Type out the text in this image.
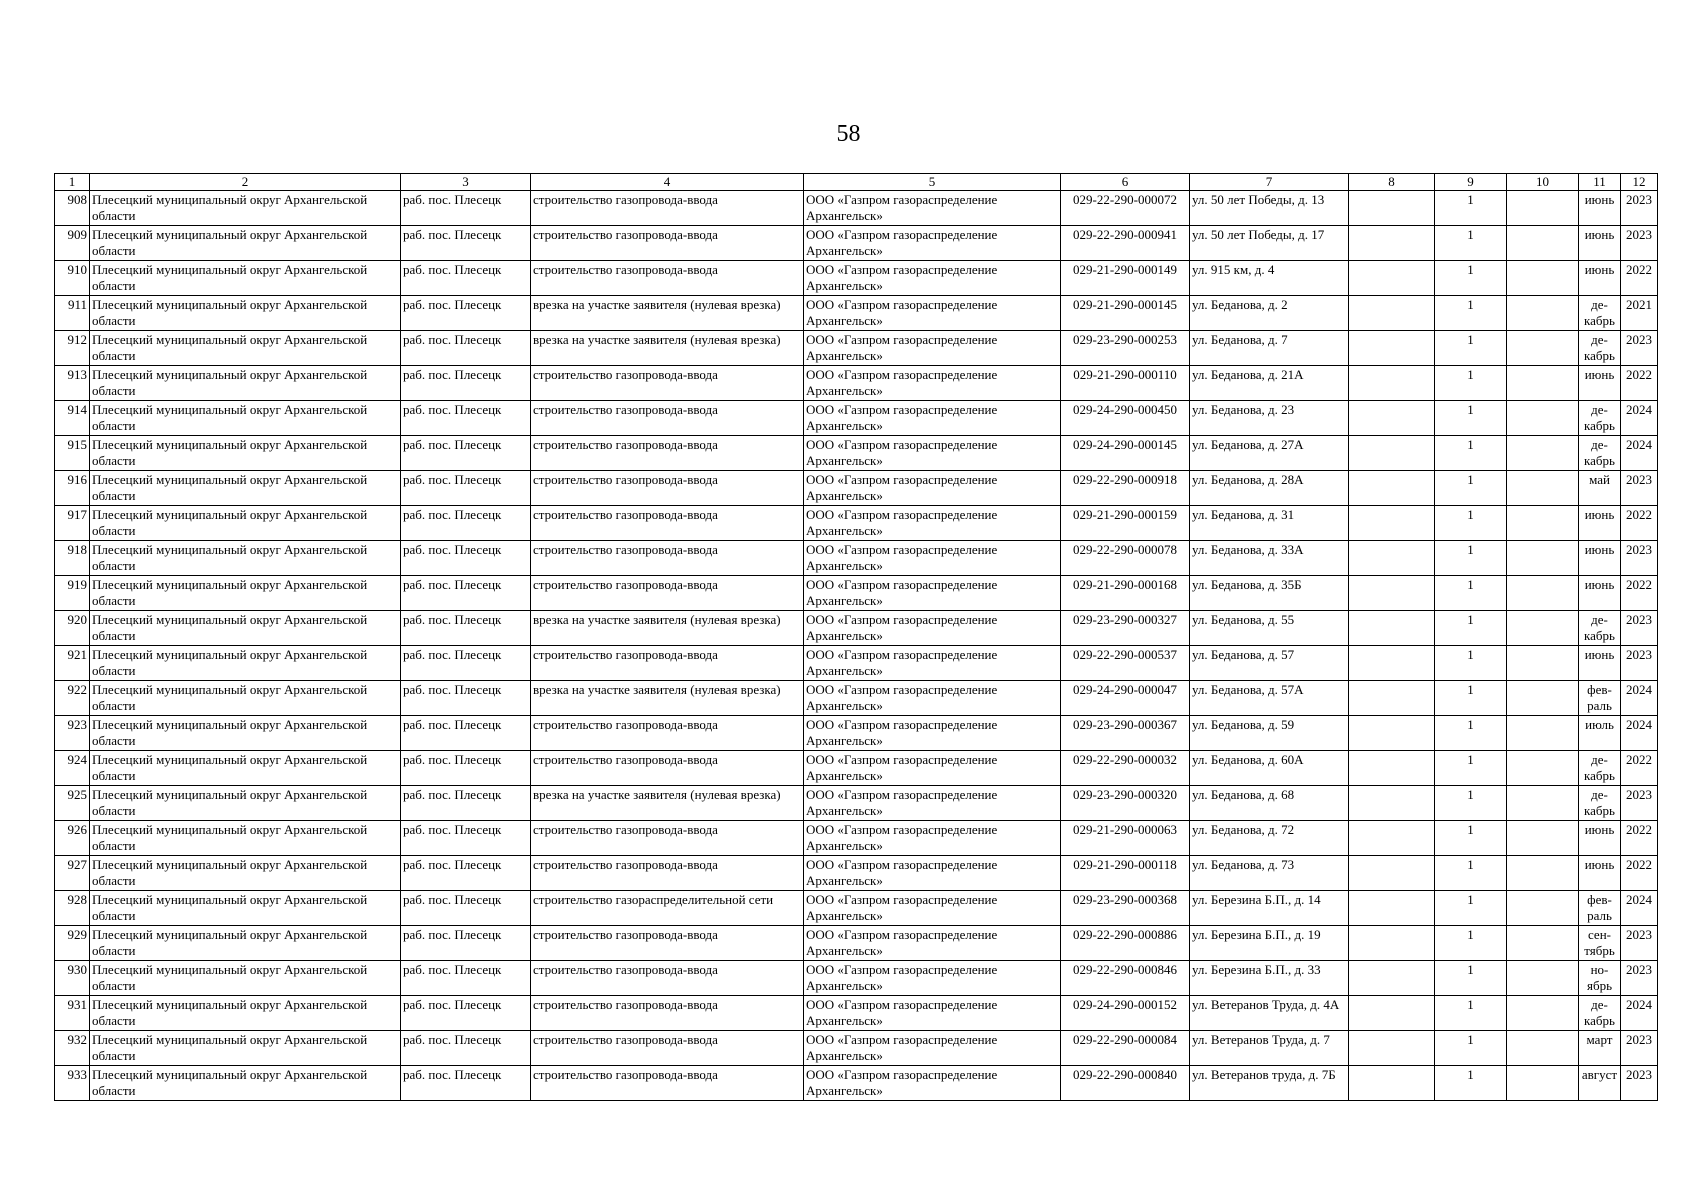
58
1	2	3	4	5	6	7	8	9	10	11	12
908	Плесецкий муниципальный округ Архангельской области	раб. пос. Плесецк	строительство газопровода-ввода	ООО «Газпром газораспределение Архангельск»	029-22-290-000072	ул. 50 лет Победы, д. 13		1		июнь	2023
909	Плесецкий муниципальный округ Архангельской области	раб. пос. Плесецк	строительство газопровода-ввода	ООО «Газпром газораспределение Архангельск»	029-22-290-000941	ул. 50 лет Победы, д. 17		1		июнь	2023
910	Плесецкий муниципальный округ Архангельской области	раб. пос. Плесецк	строительство газопровода-ввода	ООО «Газпром газораспределение Архангельск»	029-21-290-000149	ул. 915 км, д. 4		1		июнь	2022
911	Плесецкий муниципальный округ Архангельской области	раб. пос. Плесецк	врезка на участке заявителя (нулевая врезка)	ООО «Газпром газораспределение Архангельск»	029-21-290-000145	ул. Беданова, д. 2		1		де-кабрь	2021
912	Плесецкий муниципальный округ Архангельской области	раб. пос. Плесецк	врезка на участке заявителя (нулевая врезка)	ООО «Газпром газораспределение Архангельск»	029-23-290-000253	ул. Беданова, д. 7		1		де-кабрь	2023
913	Плесецкий муниципальный округ Архангельской области	раб. пос. Плесецк	строительство газопровода-ввода	ООО «Газпром газораспределение Архангельск»	029-21-290-000110	ул. Беданова, д. 21А		1		июнь	2022
914	Плесецкий муниципальный округ Архангельской области	раб. пос. Плесецк	строительство газопровода-ввода	ООО «Газпром газораспределение Архангельск»	029-24-290-000450	ул. Беданова, д. 23		1		де-кабрь	2024
915	Плесецкий муниципальный округ Архангельской области	раб. пос. Плесецк	строительство газопровода-ввода	ООО «Газпром газораспределение Архангельск»	029-24-290-000145	ул. Беданова, д. 27А		1		де-кабрь	2024
916	Плесецкий муниципальный округ Архангельской области	раб. пос. Плесецк	строительство газопровода-ввода	ООО «Газпром газораспределение Архангельск»	029-22-290-000918	ул. Беданова, д. 28А		1		май	2023
917	Плесецкий муниципальный округ Архангельской области	раб. пос. Плесецк	строительство газопровода-ввода	ООО «Газпром газораспределение Архангельск»	029-21-290-000159	ул. Беданова, д. 31		1		июнь	2022
918	Плесецкий муниципальный округ Архангельской области	раб. пос. Плесецк	строительство газопровода-ввода	ООО «Газпром газораспределение Архангельск»	029-22-290-000078	ул. Беданова, д. 33А		1		июнь	2023
919	Плесецкий муниципальный округ Архангельской области	раб. пос. Плесецк	строительство газопровода-ввода	ООО «Газпром газораспределение Архангельск»	029-21-290-000168	ул. Беданова, д. 35Б		1		июнь	2022
920	Плесецкий муниципальный округ Архангельской области	раб. пос. Плесецк	врезка на участке заявителя (нулевая врезка)	ООО «Газпром газораспределение Архангельск»	029-23-290-000327	ул. Беданова, д. 55		1		де-кабрь	2023
921	Плесецкий муниципальный округ Архангельской области	раб. пос. Плесецк	строительство газопровода-ввода	ООО «Газпром газораспределение Архангельск»	029-22-290-000537	ул. Беданова, д. 57		1		июнь	2023
922	Плесецкий муниципальный округ Архангельской области	раб. пос. Плесецк	врезка на участке заявителя (нулевая врезка)	ООО «Газпром газораспределение Архангельск»	029-24-290-000047	ул. Беданова, д. 57А		1		фев-раль	2024
923	Плесецкий муниципальный округ Архангельской области	раб. пос. Плесецк	строительство газопровода-ввода	ООО «Газпром газораспределение Архангельск»	029-23-290-000367	ул. Беданова, д. 59		1		июль	2024
924	Плесецкий муниципальный округ Архангельской области	раб. пос. Плесецк	строительство газопровода-ввода	ООО «Газпром газораспределение Архангельск»	029-22-290-000032	ул. Беданова, д. 60А		1		де-кабрь	2022
925	Плесецкий муниципальный округ Архангельской области	раб. пос. Плесецк	врезка на участке заявителя (нулевая врезка)	ООО «Газпром газораспределение Архангельск»	029-23-290-000320	ул. Беданова, д. 68		1		де-кабрь	2023
926	Плесецкий муниципальный округ Архангельской области	раб. пос. Плесецк	строительство газопровода-ввода	ООО «Газпром газораспределение Архангельск»	029-21-290-000063	ул. Беданова, д. 72		1		июнь	2022
927	Плесецкий муниципальный округ Архангельской области	раб. пос. Плесецк	строительство газопровода-ввода	ООО «Газпром газораспределение Архангельск»	029-21-290-000118	ул. Беданова, д. 73		1		июнь	2022
928	Плесецкий муниципальный округ Архангельской области	раб. пос. Плесецк	строительство газораспределительной сети	ООО «Газпром газораспределение Архангельск»	029-23-290-000368	ул. Березина Б.П., д. 14		1		фев-раль	2024
929	Плесецкий муниципальный округ Архангельской области	раб. пос. Плесецк	строительство газопровода-ввода	ООО «Газпром газораспределение Архангельск»	029-22-290-000886	ул. Березина Б.П., д. 19		1		сен-тябрь	2023
930	Плесецкий муниципальный округ Архангельской области	раб. пос. Плесецк	строительство газопровода-ввода	ООО «Газпром газораспределение Архангельск»	029-22-290-000846	ул. Березина Б.П., д. 33		1		но-ябрь	2023
931	Плесецкий муниципальный округ Архангельской области	раб. пос. Плесецк	строительство газопровода-ввода	ООО «Газпром газораспределение Архангельск»	029-24-290-000152	ул. Ветеранов Труда, д. 4А		1		де-кабрь	2024
932	Плесецкий муниципальный округ Архангельской области	раб. пос. Плесецк	строительство газопровода-ввода	ООО «Газпром газораспределение Архангельск»	029-22-290-000084	ул. Ветеранов Труда, д. 7		1		март	2023
933	Плесецкий муниципальный округ Архангельской области	раб. пос. Плесецк	строительство газопровода-ввода	ООО «Газпром газораспределение Архангельск»	029-22-290-000840	ул. Ветеранов труда, д. 7Б		1		август	2023
